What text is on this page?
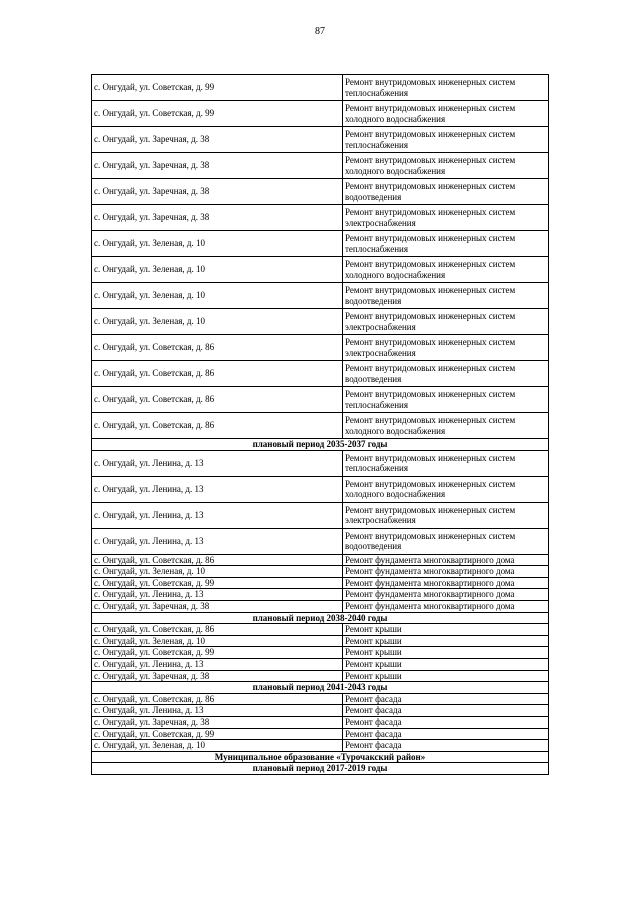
87
с. Онгудай, ул. Советская, д. 99	Ремонт внутридомовых инженерных систем теплоснабжения
с. Онгудай, ул. Советская, д. 99	Ремонт внутридомовых инженерных систем холодного водоснабжения
с. Онгудай, ул. Заречная, д. 38	Ремонт внутридомовых инженерных систем теплоснабжения
с. Онгудай, ул. Заречная, д. 38	Ремонт внутридомовых инженерных систем холодного водоснабжения
с. Онгудай, ул. Заречная, д. 38	Ремонт внутридомовых инженерных систем водоотведения
с. Онгудай, ул. Заречная, д. 38	Ремонт внутридомовых инженерных систем электроснабжения
с. Онгудай, ул. Зеленая, д. 10	Ремонт внутридомовых инженерных систем теплоснабжения
с. Онгудай, ул. Зеленая, д. 10	Ремонт внутридомовых инженерных систем холодного водоснабжения
с. Онгудай, ул. Зеленая, д. 10	Ремонт внутридомовых инженерных систем водоотведения
с. Онгудай, ул. Зеленая, д. 10	Ремонт внутридомовых инженерных систем электроснабжения
с. Онгудай, ул. Советская, д. 86	Ремонт внутридомовых инженерных систем электроснабжения
с. Онгудай, ул. Советская, д. 86	Ремонт внутридомовых инженерных систем водоотведения
с. Онгудай, ул. Советская, д. 86	Ремонт внутридомовых инженерных систем теплоснабжения
с. Онгудай, ул. Советская, д. 86	Ремонт внутридомовых инженерных систем холодного водоснабжения
плановый период 2035-2037 годы	
с. Онгудай, ул. Ленина, д. 13	Ремонт внутридомовых инженерных систем теплоснабжения
с. Онгудай, ул. Ленина, д. 13	Ремонт внутридомовых инженерных систем холодного водоснабжения
с. Онгудай, ул. Ленина, д. 13	Ремонт внутридомовых инженерных систем электроснабжения
с. Онгудай, ул. Ленина, д. 13	Ремонт внутридомовых инженерных систем водоотведения
с. Онгудай, ул. Советская, д. 86	Ремонт фундамента многоквартирного дома
с. Онгудай, ул. Зеленая, д. 10	Ремонт фундамента многоквартирного дома
с. Онгудай, ул. Советская, д. 99	Ремонт фундамента многоквартирного дома
с. Онгудай, ул. Ленина, д. 13	Ремонт фундамента многоквартирного дома
с. Онгудай, ул. Заречная, д. 38	Ремонт фундамента многоквартирного дома
плановый период 2038-2040 годы	
с. Онгудай, ул. Советская, д. 86	Ремонт крыши
с. Онгудай, ул. Зеленая, д. 10	Ремонт крыши
с. Онгудай, ул. Советская, д. 99	Ремонт крыши
с. Онгудай, ул. Ленина, д. 13	Ремонт крыши
с. Онгудай, ул. Заречная, д. 38	Ремонт крыши
плановый период 2041-2043 годы	
с. Онгудай, ул. Советская, д. 86	Ремонт фасада
с. Онгудай, ул. Ленина, д. 13	Ремонт фасада
с. Онгудай, ул. Заречная, д. 38	Ремонт фасада
с. Онгудай, ул. Советская, д. 99	Ремонт фасада
с. Онгудай, ул. Зеленая, д. 10	Ремонт фасада
Муниципальное образование «Турочакский район»	
плановый период 2017-2019 годы	
